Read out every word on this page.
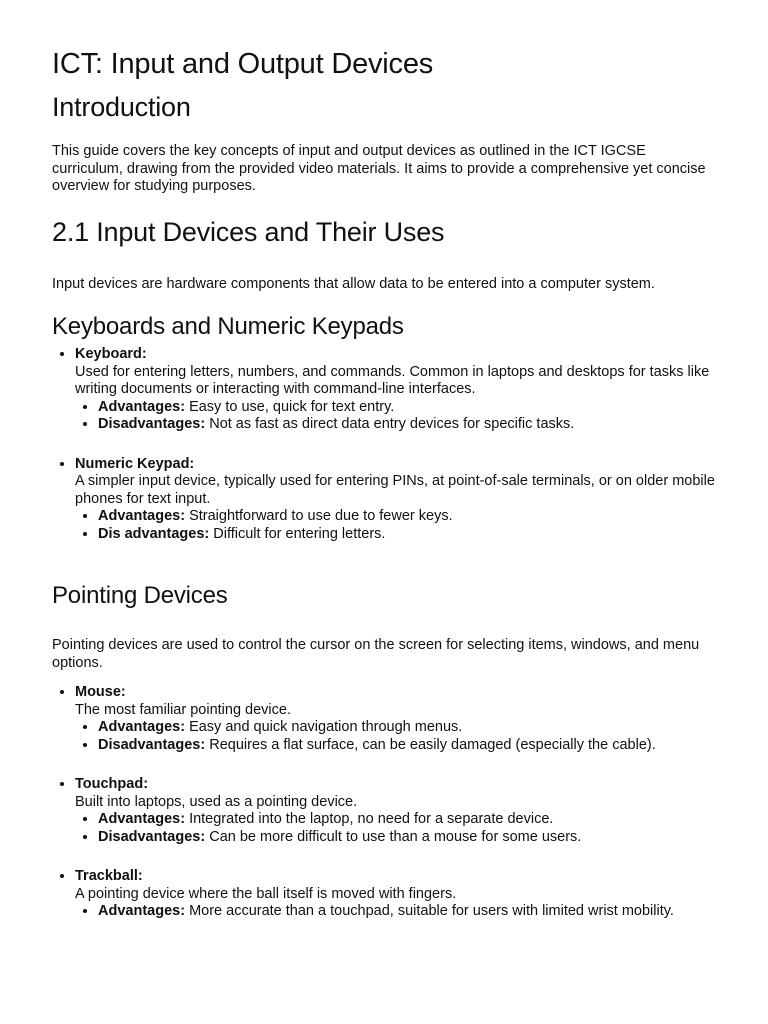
ICT: Input and Output Devices
Introduction

This guide covers the key concepts of input and output devices as outlined in the ICT IGCSE curriculum, drawing from the provided video materials. It aims to provide a comprehensive yet concise overview for studying purposes.

2.1 Input Devices and Their Uses

Input devices are hardware components that allow data to be entered into a computer system.

Keyboards and Numeric Keypads
• Keyboard:
Used for entering letters, numbers, and commands. Common in laptops and desktops for tasks like writing documents or interacting with command-line interfaces.
• Advantages: Easy to use, quick for text entry.
• Disadvantages: Not as fast as direct data entry devices for specific tasks.
• Numeric Keypad:
A simpler input device, typically used for entering PINs, at point-of-sale terminals, or on older mobile phones for text input.
• Advantages: Straightforward to use due to fewer keys.
• Dis advantages: Difficult for entering letters.
Pointing Devices

Pointing devices are used to control the cursor on the screen for selecting items, windows, and menu options.

• Mouse:
The most familiar pointing device.
• Advantages: Easy and quick navigation through menus.
• Disadvantages: Requires a flat surface, can be easily damaged (especially the cable).
• Touchpad:
Built into laptops, used as a pointing device.
• Advantages: Integrated into the laptop, no need for a separate device.
• Disadvantages: Can be more difficult to use than a mouse for some users.
• Trackball:
A pointing device where the ball itself is moved with fingers.
• Advantages: More accurate than a touchpad, suitable for users with limited wrist mobility.
